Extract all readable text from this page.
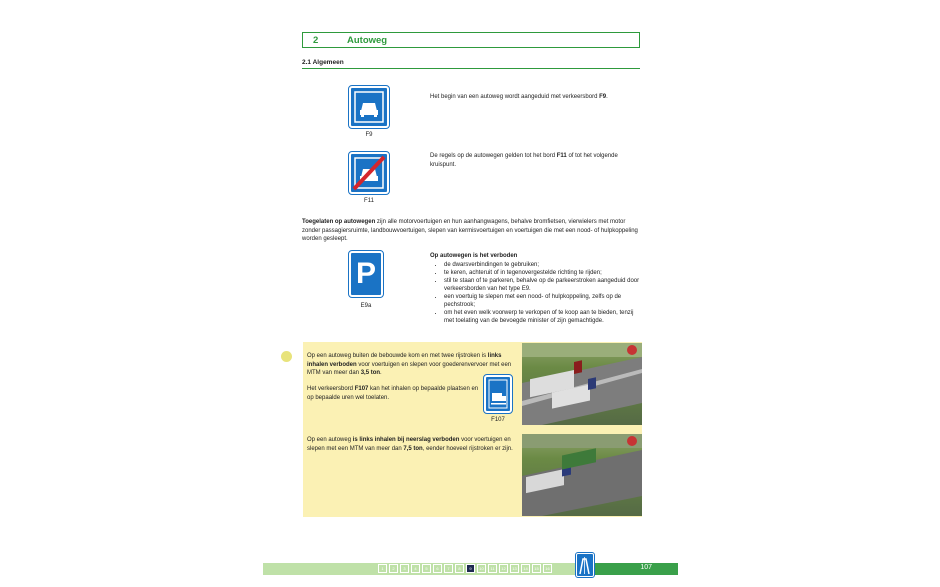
2	Autoweg
2.1 Algemeen
F9
Het begin van een autoweg wordt aangeduid met verkeersbord F9.
F11
De regels op de autowegen gelden tot het bord F11 of tot het volgende kruispunt.
Toegelaten op autowegen zijn alle motorvoertuigen en hun aanhangwagens, behalve bromfietsen, vierwielers met motor zonder passagiersruimte, landbouwvoertuigen, slepen van kermisvoertuigen en voertuigen die met een nood- of hulpkoppeling worden gesleept.
P
E9a
Op autowegen is het verboden
• de dwarsverbindingen te gebruiken;
• te keren, achteruit of in tegenovergestelde richting te rijden;
• stil te staan of te parkeren, behalve op de parkeerstroken aangeduid door verkeersborden van het type E9.
• een voertuig te slepen met een nood- of hulpkoppeling, zelfs op de pechstrook;
• om het even welk voorwerp te verkopen of te koop aan te bieden, tenzij met toelating van de bevoegde minister of zijn gemachtigde.
Op een autoweg buiten de bebouwde kom en met twee rijstroken is links inhalen verboden voor voertuigen en slepen voor goederenvervoer met een MTM van meer dan 3,5 ton.
Het verkeersbord F107 kan het inhalen op bepaalde plaatsen en op bepaalde uren wel toelaten.
F107
Op een autoweg is links inhalen bij neerslag verboden voor voertuigen en slepen met een MTM van meer dan 7,5 ton, eender hoeveel rijstroken er zijn.
107
1	2	3	4	5	6	7	8	9	10	11	12	13	14	15	16
